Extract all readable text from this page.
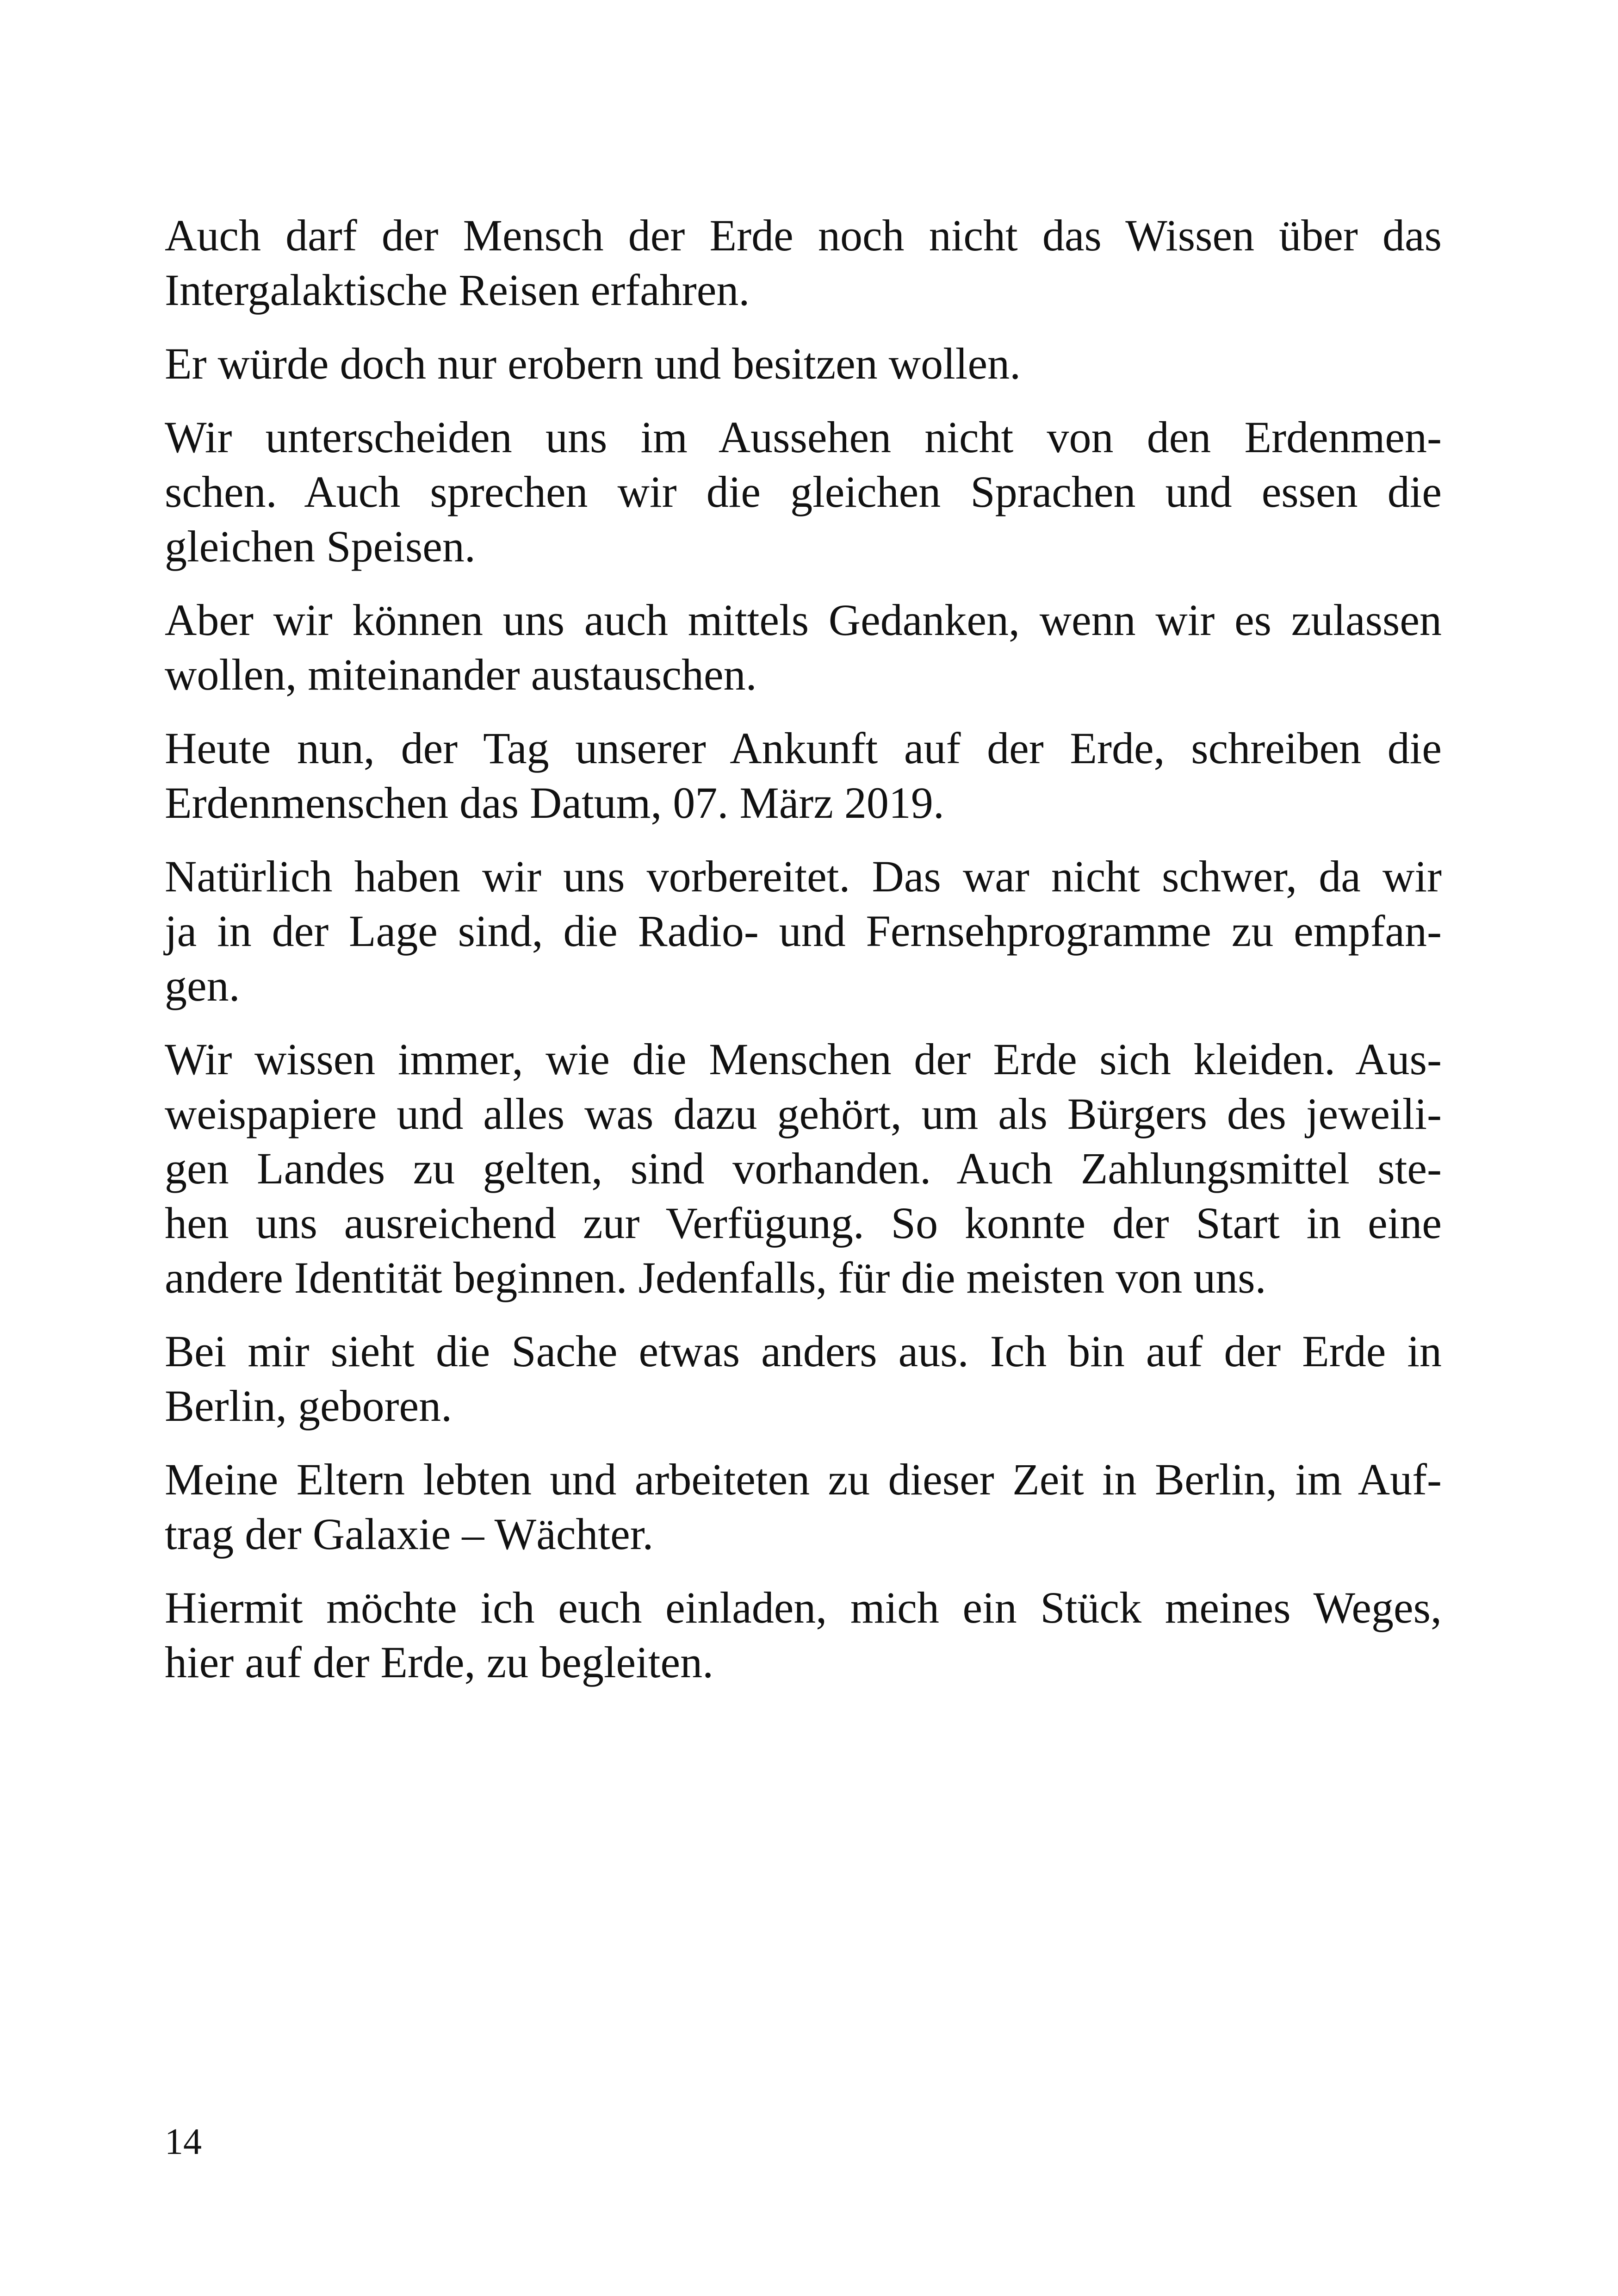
Auch darf der Mensch der Erde noch nicht das Wissen über das
Intergalaktische Reisen erfahren.

Er würde doch nur erobern und besitzen wollen.

Wir unterscheiden uns im Aussehen nicht von den Erdenmen-
schen. Auch sprechen wir die gleichen Sprachen und essen die
gleichen Speisen.

Aber wir können uns auch mittels Gedanken, wenn wir es zulassen
wollen, miteinander austauschen.

Heute nun, der Tag unserer Ankunft auf der Erde, schreiben die
Erdenmenschen das Datum, 07. März 2019.

Natürlich haben wir uns vorbereitet. Das war nicht schwer, da wir
ja in der Lage sind, die Radio- und Fernsehprogramme zu empfan-
gen.

Wir wissen immer, wie die Menschen der Erde sich kleiden. Aus-
weispapiere und alles was dazu gehört, um als Bürgers des jeweili-
gen Landes zu gelten, sind vorhanden. Auch Zahlungsmittel ste-
hen uns ausreichend zur Verfügung. So konnte der Start in eine
andere Identität beginnen. Jedenfalls, für die meisten von uns.

Bei mir sieht die Sache etwas anders aus. Ich bin auf der Erde in
Berlin, geboren.

Meine Eltern lebten und arbeiteten zu dieser Zeit in Berlin, im Auf-
trag der Galaxie – Wächter.

Hiermit möchte ich euch einladen, mich ein Stück meines Weges,
hier auf der Erde, zu begleiten.

14
